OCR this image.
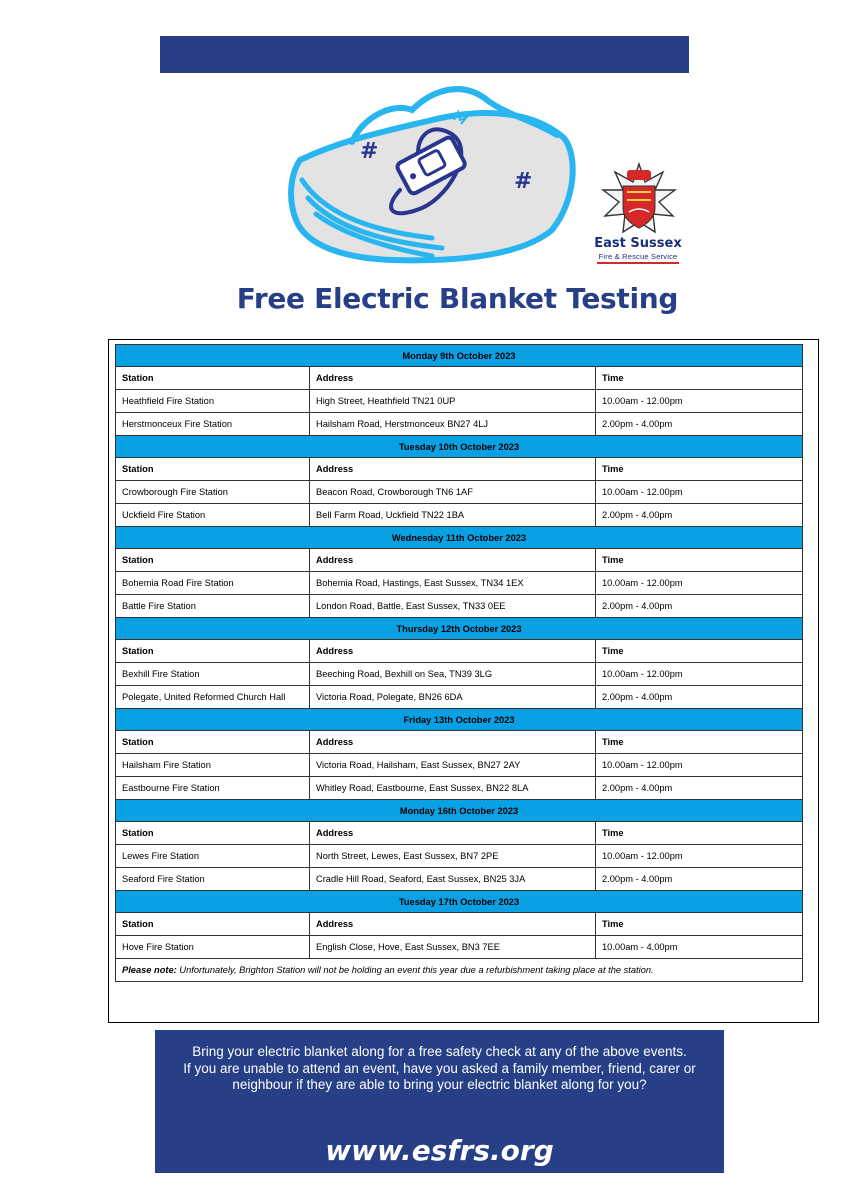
#
#
East Sussex
Fire & Rescue Service
Free Electric Blanket Testing
Monday 9th October 2023		
Station	Address	Time
Heathfield Fire Station	High Street, Heathfield TN21 0UP	10.00am - 12.00pm
Herstmonceux Fire Station	Hailsham Road, Herstmonceux BN27 4LJ	2.00pm - 4.00pm
Tuesday 10th October 2023		
Station	Address	Time
Crowborough Fire Station	Beacon Road, Crowborough TN6 1AF	10.00am - 12.00pm
Uckfield Fire Station	Bell Farm Road, Uckfield TN22 1BA	2.00pm - 4.00pm
Wednesday 11th October 2023		
Station	Address	Time
Bohemia Road Fire Station	Bohemia Road, Hastings, East Sussex, TN34 1EX	10.00am - 12.00pm
Battle Fire Station	London Road, Battle, East Sussex, TN33 0EE	2.00pm - 4.00pm
Thursday 12th October 2023		
Station	Address	Time
Bexhill Fire Station	Beeching Road, Bexhill on Sea, TN39 3LG	10.00am - 12.00pm
Polegate, United Reformed Church Hall	Victoria Road, Polegate, BN26 6DA	2.00pm - 4.00pm
Friday 13th October 2023		
Station	Address	Time
Hailsham Fire Station	Victoria Road, Hailsham, East Sussex, BN27 2AY	10.00am - 12.00pm
Eastbourne Fire Station	Whitley Road, Eastbourne, East Sussex, BN22 8LA	2.00pm - 4.00pm
Monday 16th October 2023		
Station	Address	Time
Lewes Fire Station	North Street, Lewes, East Sussex, BN7 2PE	10.00am - 12.00pm
Seaford Fire Station	Cradle Hill Road, Seaford, East Sussex, BN25 3JA	2.00pm - 4.00pm
Tuesday 17th October 2023		
Station	Address	Time
Hove Fire Station	English Close, Hove, East Sussex, BN3 7EE	10.00am - 4.00pm
Please note: Unfortunately, Brighton Station will not be holding an event this year due a refurbishment taking place at the station.		
Bring your electric blanket along for a free safety check at any of the above events.
If you are unable to attend an event, have you asked a family member, friend, carer or neighbour if they are able to bring your electric blanket along for you?
www.esfrs.org
